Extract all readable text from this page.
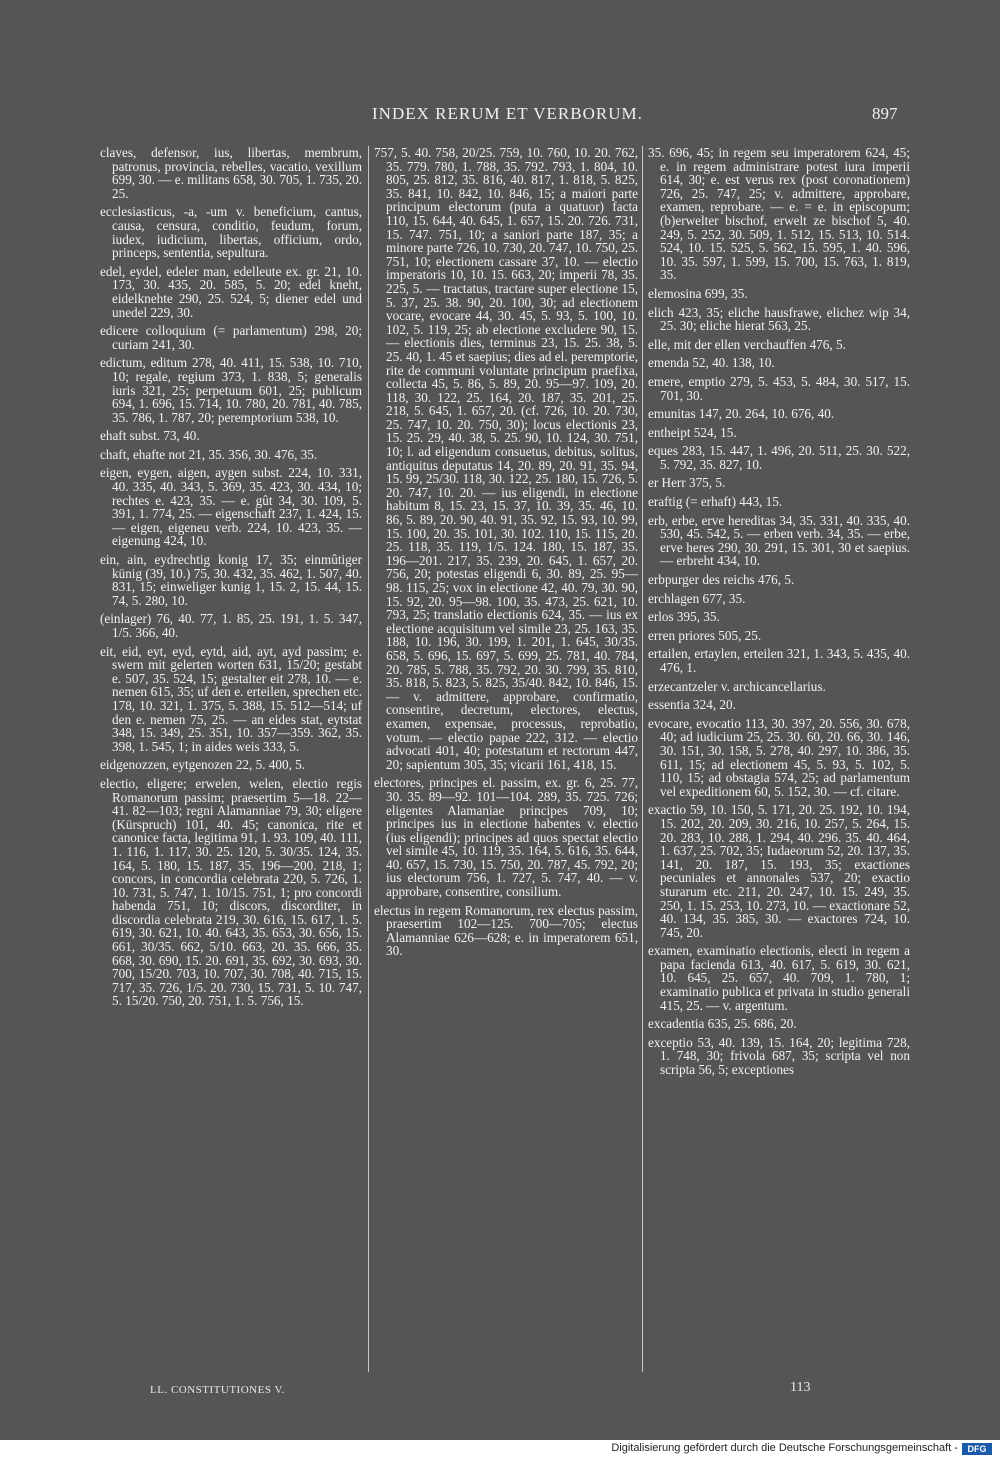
INDEX RERUM ET VERBORUM.	897

claves, defensor, ius, libertas, membrum, patronus, provincia, rebelles, vacatio, vexillum 699, 30. — e. militans 658, 30. 705, 1. 735, 20. 25.

ecclesiasticus, -a, -um v. beneficium, cantus, causa, censura, conditio, feudum, forum, iudex, iudicium, libertas, officium, ordo, princeps, sententia, sepultura.

edel, eydel, edeler man, edelleute ex. gr. 21, 10. 173, 30. 435, 20. 585, 5. 20; edel kneht, eidelknehte 290, 25. 524, 5; diener edel und unedel 229, 30.

edicere colloquium (= parlamentum) 298, 20; curiam 241, 30.

edictum, editum 278, 40. 411, 15. 538, 10. 710, 10; regale, regium 373, 1. 838, 5; generalis iuris 321, 25; perpetuum 601, 25; publicum 694, 1. 696, 15. 714, 10. 780, 20. 781, 40. 785, 35. 786, 1. 787, 20; peremptorium 538, 10.

ehaft subst. 73, 40.

chaft, ehafte not 21, 35. 356, 30. 476, 35.

eigen, eygen, aigen, aygen subst. 224, 10. 331, 40. 335, 40. 343, 5. 369, 35. 423, 30. 434, 10; rechtes e. 423, 35. — e. gût 34, 30. 109, 5. 391, 1. 774, 25. — eigenschaft 237, 1. 424, 15. — eigen, eigeneu verb. 224, 10. 423, 35. — eigenung 424, 10.

ein, ain, eydrechtig konig 17, 35; einmûtiger künig (39, 10.) 75, 30. 432, 35. 462, 1. 507, 40. 831, 15; einweliger kunig 1, 15. 2, 15. 44, 15. 74, 5. 280, 10.

(einlager) 76, 40. 77, 1. 85, 25. 191, 1. 5. 347, 1/5. 366, 40.

eit, eid, eyt, eyd, eytd, aid, ayt, ayd passim; e. swern mit gelerten worten 631, 15/20; gestabt e. 507, 35. 524, 15; gestalter eit 278, 10. — e. nemen 615, 35; uf den e. erteilen, sprechen etc. 178, 10. 321, 1. 375, 5. 388, 15. 512—514; uf den e. nemen 75, 25. — an eides stat, eytstat 348, 15. 349, 25. 351, 10. 357—359. 362, 35. 398, 1. 545, 1; in aides weis 333, 5.

eidgenozzen, eytgenozen 22, 5. 400, 5.

electio, eligere; erwelen, welen, electio regis Romanorum passim; praesertim 5—18. 22—41. 82—103; regni Alamanniae 79, 30; eligere (Kürspruch) 101, 40. 45; canonica, rite et canonice facta, legitima 91, 1. 93. 109, 40. 111, 1. 116, 1. 117, 30. 25. 120, 5. 30/35. 124, 35. 164, 5. 180, 15. 187, 35. 196—200. 218, 1; concors, in concordia celebrata 220, 5. 726, 1. 10. 731, 5. 747, 1. 10/15. 751, 1; pro concordi habenda 751, 10; discors, discorditer, in discordia celebrata 219, 30. 616, 15. 617, 1. 5. 619, 30. 621, 10. 40. 643, 35. 653, 30. 656, 15. 661, 30/35. 662, 5/10. 663, 20. 35. 666, 35. 668, 30. 690, 15. 20. 691, 35. 692, 30. 693, 30. 700, 15/20. 703, 10. 707, 30. 708, 40. 715, 15. 717, 35. 726, 1/5. 20. 730, 15. 731, 5. 10. 747, 5. 15/20. 750, 20. 751, 1. 5. 756, 15.

757, 5. 40. 758, 20/25. 759, 10. 760, 10. 20. 762, 35. 779. 780, 1. 788, 35. 792. 793, 1. 804, 10. 805, 25. 812, 35. 816, 40. 817, 1. 818, 5. 825, 35. 841, 10. 842, 10. 846, 15; a maiori parte principum electorum (puta a quatuor) facta 110, 15. 644, 40. 645, 1. 657, 15. 20. 726. 731, 15. 747. 751, 10; a saniori parte 187, 35; a minore parte 726, 10. 730, 20. 747, 10. 750, 25. 751, 10; electionem cassare 37, 10. — electio imperatoris 10, 10. 15. 663, 20; imperii 78, 35. 225, 5. — tractatus, tractare super electione 15, 5. 37, 25. 38. 90, 20. 100, 30; ad electionem vocare, evocare 44, 30. 45, 5. 93, 5. 100, 10. 102, 5. 119, 25; ab electione excludere 90, 15. — electionis dies, terminus 23, 15. 25. 38, 5. 25. 40, 1. 45 et saepius; dies ad el. peremptorie, rite de communi voluntate principum praefixa, collecta 45, 5. 86, 5. 89, 20. 95—97. 109, 20. 118, 30. 122, 25. 164, 20. 187, 35. 201, 25. 218, 5. 645, 1. 657, 20. (cf. 726, 10. 20. 730, 25. 747, 10. 20. 750, 30); locus electionis 23, 15. 25. 29, 40. 38, 5. 25. 90, 10. 124, 30. 751, 10; l. ad eligendum consuetus, debitus, solitus, antiquitus deputatus 14, 20. 89, 20. 91, 35. 94, 15. 99, 25/30. 118, 30. 122, 25. 180, 15. 726, 5. 20. 747, 10. 20. — ius eligendi, in electione habitum 8, 15. 23, 15. 37, 10. 39, 35. 46, 10. 86, 5. 89, 20. 90, 40. 91, 35. 92, 15. 93, 10. 99, 15. 100, 20. 35. 101, 30. 102. 110, 15. 115, 20. 25. 118, 35. 119, 1/5. 124. 180, 15. 187, 35. 196—201. 217, 35. 239, 20. 645, 1. 657, 20. 756, 20; potestas eligendi 6, 30. 89, 25. 95—98. 115, 25; vox in electione 42, 40. 79, 30. 90, 15. 92, 20. 95—98. 100, 35. 473, 25. 621, 10. 793, 25; translatio electionis 624, 35. — ius ex electione acquisitum vel simile 23, 25. 163, 35. 188, 10. 196, 30. 199, 1. 201, 1. 645, 30/35. 658, 5. 696, 15. 697, 5. 699, 25. 781, 40. 784, 20. 785, 5. 788, 35. 792, 20. 30. 799, 35. 810, 35. 818, 5. 823, 5. 825, 35/40. 842, 10. 846, 15. — v. admittere, approbare, confirmatio, consentire, decretum, electores, electus, examen, expensae, processus, reprobatio, votum. — electio papae 222, 312. — electio advocati 401, 40; potestatum et rectorum 447, 20; sapientum 305, 35; vicarii 161, 418, 15.

electores, principes el. passim, ex. gr. 6, 25. 77, 30. 35. 89—92. 101—104. 289, 35. 725. 726; eligentes Alamaniae principes 709, 10; principes ius in electione habentes v. electio (ius eligendi); principes ad quos spectat electio vel simile 45, 10. 119, 35. 164, 5. 616, 35. 644, 40. 657, 15. 730, 15. 750, 20. 787, 45. 792, 20; ius electorum 756, 1. 727, 5. 747, 40. — v. approbare, consentire, consilium.

electus in regem Romanorum, rex electus passim, praesertim 102—125. 700—705; electus Alamanniae 626—628; e. in imperatorem 651, 30.

35. 696, 45; in regem seu imperatorem 624, 45; e. in regem administrare potest iura imperii 614, 30; e. est verus rex (post coronationem) 726, 25. 747, 25; v. admittere, approbare, examen, reprobare. — e. = e. in episcopum; (b)erwelter bischof, erwelt ze bischof 5, 40. 249, 5. 252, 30. 509, 1. 512, 15. 513, 10. 514. 524, 10. 15. 525, 5. 562, 15. 595, 1. 40. 596, 10. 35. 597, 1. 599, 15. 700, 15. 763, 1. 819, 35.

elemosina 699, 35.

elich 423, 35; eliche hausfrawe, elichez wip 34, 25. 30; eliche hierat 563, 25.

elle, mit der ellen verchauffen 476, 5.

emenda 52, 40. 138, 10.

emere, emptio 279, 5. 453, 5. 484, 30. 517, 15. 701, 30.

emunitas 147, 20. 264, 10. 676, 40.

entheipt 524, 15.

eques 283, 15. 447, 1. 496, 20. 511, 25. 30. 522, 5. 792, 35. 827, 10.

er Herr 375, 5.

eraftig (= erhaft) 443, 15.

erb, erbe, erve hereditas 34, 35. 331, 40. 335, 40. 530, 45. 542, 5. — erben verb. 34, 35. — erbe, erve heres 290, 30. 291, 15. 301, 30 et saepius. — erbreht 434, 10.

erbpurger des reichs 476, 5.

erchlagen 677, 35.

erlos 395, 35.

erren priores 505, 25.

ertailen, ertaylen, erteilen 321, 1. 343, 5. 435, 40. 476, 1.

erzecantzeler v. archicancellarius.

essentia 324, 20.

evocare, evocatio 113, 30. 397, 20. 556, 30. 678, 40; ad iudicium 25, 25. 30. 60, 20. 66, 30. 146, 30. 151, 30. 158, 5. 278, 40. 297, 10. 386, 35. 611, 15; ad electionem 45, 5. 93, 5. 102, 5. 110, 15; ad obstagia 574, 25; ad parlamentum vel expeditionem 60, 5. 152, 30. — cf. citare.

exactio 59, 10. 150, 5. 171, 20. 25. 192, 10. 194, 15. 202, 20. 209, 30. 216, 10. 257, 5. 264, 15. 20. 283, 10. 288, 1. 294, 40. 296. 35. 40. 464, 1. 637, 25. 702, 35; Iudaeorum 52, 20. 137, 35. 141, 20. 187, 15. 193, 35; exactiones pecuniales et annonales 537, 20; exactio sturarum etc. 211, 20. 247, 10. 15. 249, 35. 250, 1. 15. 253, 10. 273, 10. — exactionare 52, 40. 134, 35. 385, 30. — exactores 724, 10. 745, 20.

examen, examinatio electionis, electi in regem a papa facienda 613, 40. 617, 5. 619, 30. 621, 10. 645, 25. 657, 40. 709, 1. 780, 1; examinatio publica et privata in studio generali 415, 25. — v. argentum.

excadentia 635, 25. 686, 20.

exceptio 53, 40. 139, 15. 164, 20; legitima 728, 1. 748, 30; frivola 687, 35; scripta vel non scripta 56, 5; exceptiones

LL. CONSTITUTIONES V.	113
Digitalisierung gefördert durch die Deutsche Forschungsgemeinschaft -	DFG
